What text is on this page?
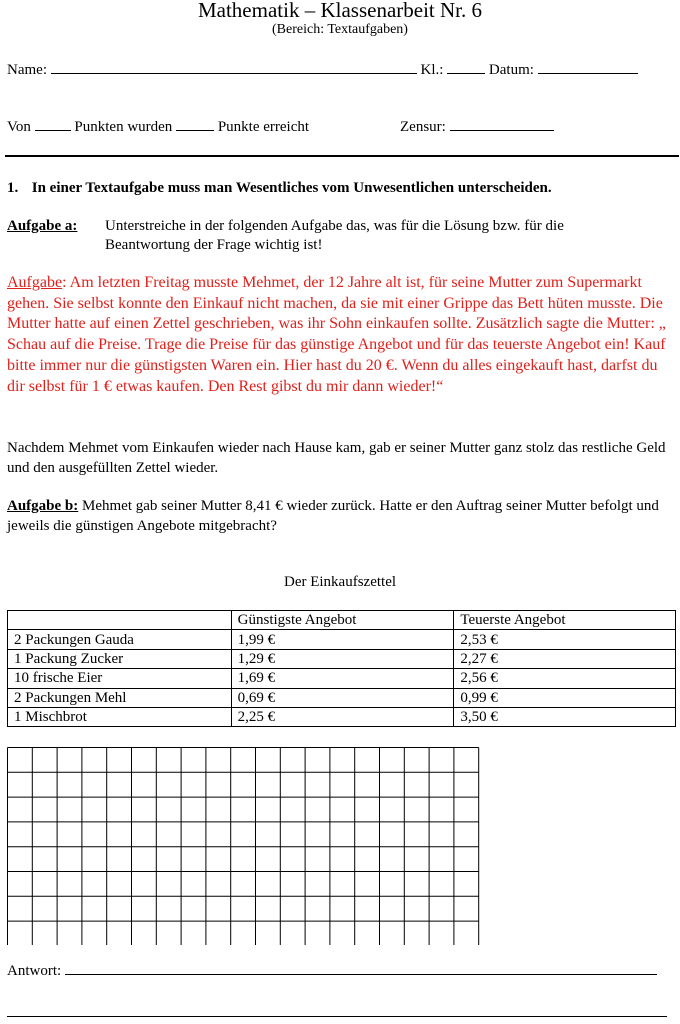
Mathematik – Klassenarbeit Nr. 6
(Bereich: Textaufgaben)
Name:	Kl.:	Datum:
Von	Punkten wurden	Punkte erreicht	Zensur:
1. In einer Textaufgabe muss man Wesentliches vom Unwesentlichen unterscheiden.
Aufgabe a: Unterstreiche in der folgenden Aufgabe das, was für die Lösung bzw. für die
Beantwortung der Frage wichtig ist!
Aufgabe: Am letzten Freitag musste Mehmet, der 12 Jahre alt ist, für seine Mutter zum Supermarkt gehen. Sie selbst konnte den Einkauf nicht machen, da sie mit einer Grippe das Bett hüten musste. Die Mutter hatte auf einen Zettel geschrieben, was ihr Sohn einkaufen sollte. Zusätzlich sagte die Mutter: „ Schau auf die Preise. Trage die Preise für das günstige Angebot und für das teuerste Angebot ein! Kauf bitte immer nur die günstigsten Waren ein. Hier hast du 20 €. Wenn du alles eingekauft hast, darfst du dir selbst für 1 € etwas kaufen. Den Rest gibst du mir dann wieder!“
Nachdem Mehmet vom Einkaufen wieder nach Hause kam, gab er seiner Mutter ganz stolz das restliche Geld und den ausgefüllten Zettel wieder.
Aufgabe b: Mehmet gab seiner Mutter 8,41 € wieder zurück. Hatte er den Auftrag seiner Mutter befolgt und jeweils die günstigen Angebote mitgebracht?
Der Einkaufszettel
	Günstigste Angebot	Teuerste Angebot
2 Packungen Gauda	1,99 €	2,53 €
1 Packung Zucker	1,29 €	2,27 €
10 frische Eier	1,69 €	2,56 €
2 Packungen Mehl	0,69 €	0,99 €
1 Mischbrot	2,25 €	3,50 €
Antwort:
